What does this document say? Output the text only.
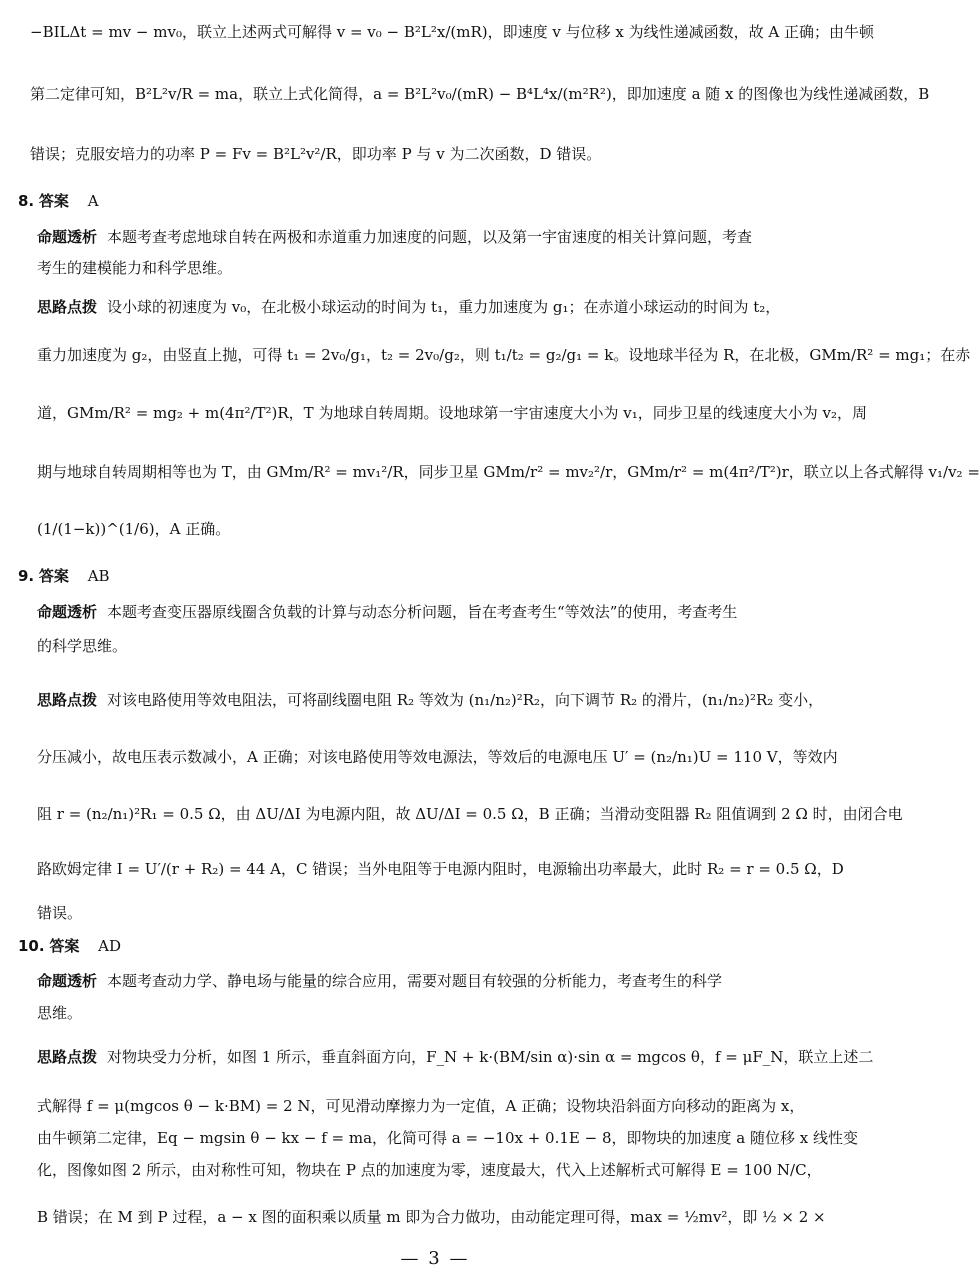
−BILΔt = mv − mv₀，联立上述两式可解得 v = v₀ − B²L²x/(mR)，即速度 v 与位移 x 为线性递减函数，故 A 正确；由牛顿
第二定律可知，B²L²v/R = ma，联立上式化简得，a = B²L²v₀/(mR) − B⁴L⁴x/(m²R²)，即加速度 a 随 x 的图像也为线性递减函数，B
错误；克服安培力的功率 P = Fv = B²L²v²/R，即功率 P 与 v 为二次函数，D 错误。
8. 答案 A
命题透析 本题考查考虑地球自转在两极和赤道重力加速度的问题，以及第一宇宙速度的相关计算问题，考查
考生的建模能力和科学思维。
思路点拨 设小球的初速度为 v₀，在北极小球运动的时间为 t₁，重力加速度为 g₁；在赤道小球运动的时间为 t₂，
重力加速度为 g₂，由竖直上抛，可得 t₁ = 2v₀/g₁，t₂ = 2v₀/g₂，则 t₁/t₂ = g₂/g₁ = k。设地球半径为 R，在北极，GMm/R² = mg₁；在赤
道，GMm/R² = mg₂ + m(4π²/T²)R，T 为地球自转周期。设地球第一宇宙速度大小为 v₁，同步卫星的线速度大小为 v₂，周
期与地球自转周期相等也为 T，由 GMm/R² = mv₁²/R，同步卫星 GMm/r² = mv₂²/r，GMm/r² = m(4π²/T²)r，联立以上各式解得 v₁/v₂ =
(1/(1−k))^(1/6)，A 正确。
9. 答案 AB
命题透析 本题考查变压器原线圈含负载的计算与动态分析问题，旨在考查考生“等效法”的使用，考查考生
的科学思维。
思路点拨 对该电路使用等效电阻法，可将副线圈电阻 R₂ 等效为 (n₁/n₂)²R₂，向下调节 R₂ 的滑片，(n₁/n₂)²R₂ 变小，
分压减小，故电压表示数减小，A 正确；对该电路使用等效电源法，等效后的电源电压 U′ = (n₂/n₁)U = 110 V，等效内
阻 r = (n₂/n₁)²R₁ = 0.5 Ω，由 ΔU/ΔI 为电源内阻，故 ΔU/ΔI = 0.5 Ω，B 正确；当滑动变阻器 R₂ 阻值调到 2 Ω 时，由闭合电
路欧姆定律 I = U′/(r + R₂) = 44 A，C 错误；当外电阻等于电源内阻时，电源输出功率最大，此时 R₂ = r = 0.5 Ω，D
错误。
10. 答案 AD
命题透析 本题考查动力学、静电场与能量的综合应用，需要对题目有较强的分析能力，考查考生的科学
思维。
思路点拨 对物块受力分析，如图 1 所示，垂直斜面方向，F_N + k·(BM/sin α)·sin α = mgcos θ，f = μF_N，联立上述二
式解得 f = μ(mgcos θ − k·BM) = 2 N，可见滑动摩擦力为一定值，A 正确；设物块沿斜面方向移动的距离为 x，
由牛顿第二定律，Eq − mgsin θ − kx − f = ma，化简可得 a = −10x + 0.1E − 8，即物块的加速度 a 随位移 x 线性变
化，图像如图 2 所示，由对称性可知，物块在 P 点的加速度为零，速度最大，代入上述解析式可解得 E = 100 N/C，
B 错误；在 M 到 P 过程，a − x 图的面积乘以质量 m 即为合力做功，由动能定理可得，max = ½mv²，即 ½ × 2 ×
— 3 —
